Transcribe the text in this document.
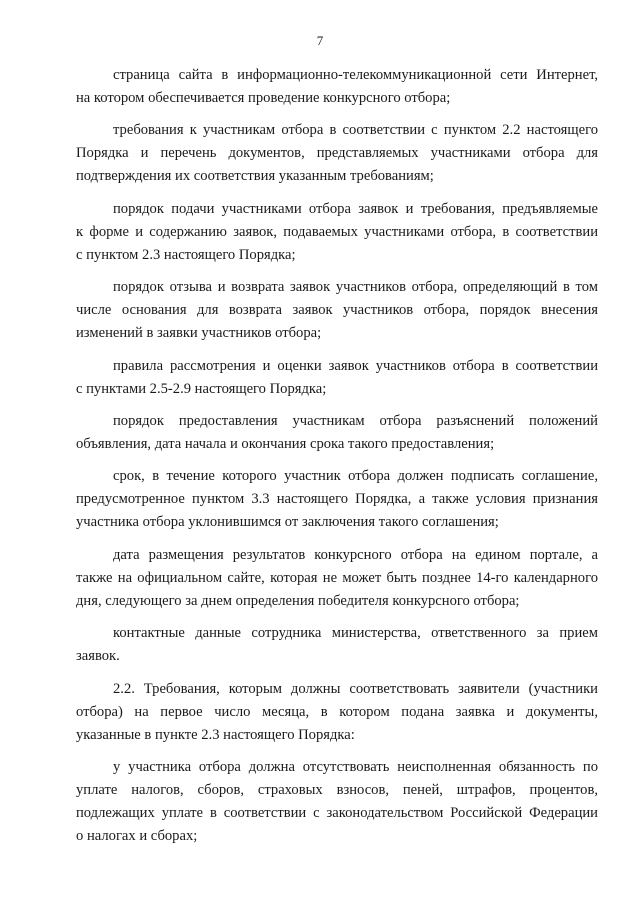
7
страница сайта в информационно-телекоммуникационной сети Интернет,
на котором обеспечивается проведение конкурсного отбора;
требования к участникам отбора в соответствии с пунктом 2.2 настоящего
Порядка и перечень документов, представляемых участниками отбора для
подтверждения их соответствия указанным требованиям;
порядок подачи участниками отбора заявок и требования, предъявляемые
к форме и содержанию заявок, подаваемых участниками отбора, в соответствии
с пунктом 2.3 настоящего Порядка;
порядок отзыва и возврата заявок участников отбора, определяющий в том
числе основания для возврата заявок участников отбора, порядок внесения
изменений в заявки участников отбора;
правила рассмотрения и оценки заявок участников отбора в соответствии
с пунктами 2.5-2.9 настоящего Порядка;
порядок предоставления участникам отбора разъяснений положений
объявления, дата начала и окончания срока такого предоставления;
срок, в течение которого участник отбора должен подписать соглашение,
предусмотренное пунктом 3.3 настоящего Порядка, а также условия признания
участника отбора уклонившимся от заключения такого соглашения;
дата размещения результатов конкурсного отбора на едином портале, а
также на официальном сайте, которая не может быть позднее 14-го календарного
дня, следующего за днем определения победителя конкурсного отбора;
контактные данные сотрудника министерства, ответственного за прием
заявок.
2.2. Требования, которым должны соответствовать заявители (участники
отбора) на первое число месяца, в котором подана заявка и документы,
указанные в пункте 2.3 настоящего Порядка:
у участника отбора должна отсутствовать неисполненная обязанность по
уплате налогов, сборов, страховых взносов, пеней, штрафов, процентов,
подлежащих уплате в соответствии с законодательством Российской Федерации
о налогах и сборах;
